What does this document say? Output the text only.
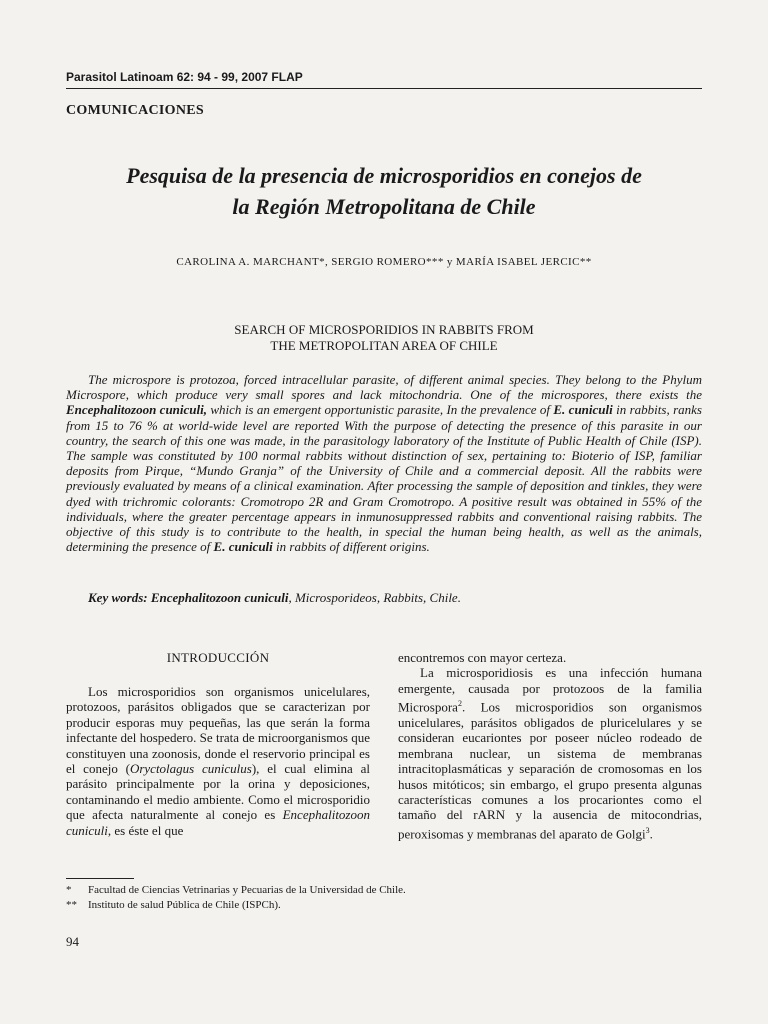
Parasitol Latinoam 62: 94 - 99, 2007 FLAP
COMUNICACIONES
Pesquisa de la presencia de microsporidios en conejos de
la Región Metropolitana de Chile
CAROLINA A. MARCHANT*, SERGIO ROMERO*** y MARÍA ISABEL JERCIC**
SEARCH OF MICROSPORIDIOS IN RABBITS FROM
THE METROPOLITAN AREA OF CHILE

The microspore is protozoa, forced intracellular parasite, of different animal species. They belong to the Phylum Microspore, which produce very small spores and lack mitochondria. One of the microspores, there exists the Encephalitozoon cuniculi, which is an emergent opportunistic parasite, In the prevalence of E. cuniculi in rabbits, ranks from 15 to 76 % at world-wide level are reported With the purpose of detecting the presence of this parasite in our country, the search of this one was made, in the parasitology laboratory of the Institute of Public Health of Chile (ISP). The sample was constituted by 100 normal rabbits without distinction of sex, pertaining to: Bioterio of ISP, familiar deposits from Pirque, “Mundo Granja” of the University of Chile and a commercial deposit. All the rabbits were previously evaluated by means of a clinical examination. After processing the sample of deposition and tinkles, they were dyed with trichromic colorants: Cromotropo 2R and Gram Cromotropo. A positive result was obtained in 55% of the individuals, where the greater percentage appears in inmunosuppressed rabbits and conventional raising rabbits. The objective of this study is to contribute to the health, in special the human being health, as well as the animals, determining the presence of E. cuniculi in rabbits of different origins.

Key words: Encephalitozoon cuniculi, Microsporideos, Rabbits, Chile.
INTRODUCCIÓN

Los microsporidios son organismos unicelulares, protozoos, parásitos obligados que se caracterizan por producir esporas muy pequeñas, las que serán la forma infectante del hospedero. Se trata de microorganismos que constituyen una zoonosis, donde el reservorio principal es el conejo (Oryctolagus cuniculus), el cual elimina al parásito principalmente por la orina y deposiciones, contaminando el medio ambiente. Como el microsporidio que afecta naturalmente al conejo es Encephalitozoon cuniculi, es éste el que

encontremos con mayor certeza.

La microsporidiosis es una infección humana emergente, causada por protozoos de la familia Microspora$^2$. Los microsporidios son organismos unicelulares, parásitos obligados de pluricelulares y se consideran eucariontes por poseer núcleo rodeado de membrana nuclear, un sistema de membranas intracitoplasmáticas y separación de cromosomas en los husos mitóticos; sin embargo, el grupo presenta algunas características comunes a los procariontes como el tamaño del rARN y la ausencia de mitocondrias, peroxisomas y membranas del aparato de Golgi$^3$.

* Facultad de Ciencias Vetrinarias y Pecuarias de la Universidad de Chile.
** Instituto de salud Pública de Chile (ISPCh).
94
